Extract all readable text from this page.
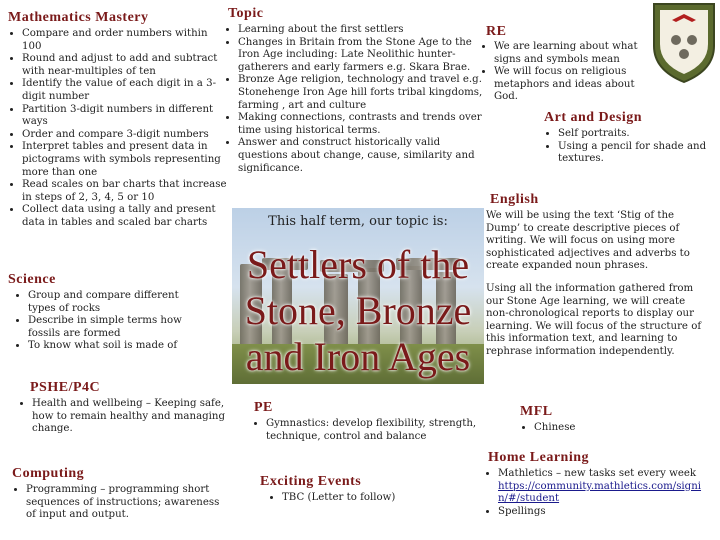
Mathematics Mastery
• Compare and order numbers within 100
• Round and adjust to add and subtract with near-multiples of ten
• Identify the value of each digit in a 3-digit number
• Partition 3-digit numbers in different ways
• Order and compare 3-digit numbers
• Interpret tables and present data in pictograms with symbols representing more than one
• Read scales on bar charts that increase in steps of 2, 3, 4, 5 or 10
• Collect data using a tally and present data in tables and scaled bar charts
Topic
• Learning about the first settlers
• Changes in Britain from the Stone Age to the Iron Age including: Late Neolithic hunter-gatherers and early farmers e.g. Skara Brae.
• Bronze Age religion, technology and travel e.g. Stonehenge Iron Age hill forts tribal kingdoms, farming , art and culture
• Making connections, contrasts and trends over time using historical terms.
• Answer and construct historically valid questions about change, cause, similarity and significance.
RE
• We are learning about what signs and symbols mean
• We will focus on religious metaphors and ideas about God.
Art and Design
• Self portraits.
• Using a pencil for shade and textures.
English

We will be using the text ‘Stig of the Dump’ to create descriptive pieces of writing. We will focus on using more sophisticated adjectives and adverbs to create expanded noun phrases.

Using all the information gathered from our Stone Age learning, we will create non-chronological reports to display our learning. We will focus of the structure of this information text, and learning to rephrase information independently.

This half term, our topic is:
Settlers of the
Stone, Bronze
and Iron Ages
Science
• Group and compare different types of rocks
• Describe in simple terms how fossils are formed
• To know what soil is made of
PSHE/P4C
• Health and wellbeing – Keeping safe, how to remain healthy and managing change.
PE
• Gymnastics: develop flexibility, strength, technique, control and balance
MFL
• Chinese
Computing
• Programming – programming short sequences of instructions; awareness of input and output.
Exciting Events
• TBC (Letter to follow)
Home Learning
• Mathletics – new tasks set every week https://community.mathletics.com/signin/#/student
• Spellings
